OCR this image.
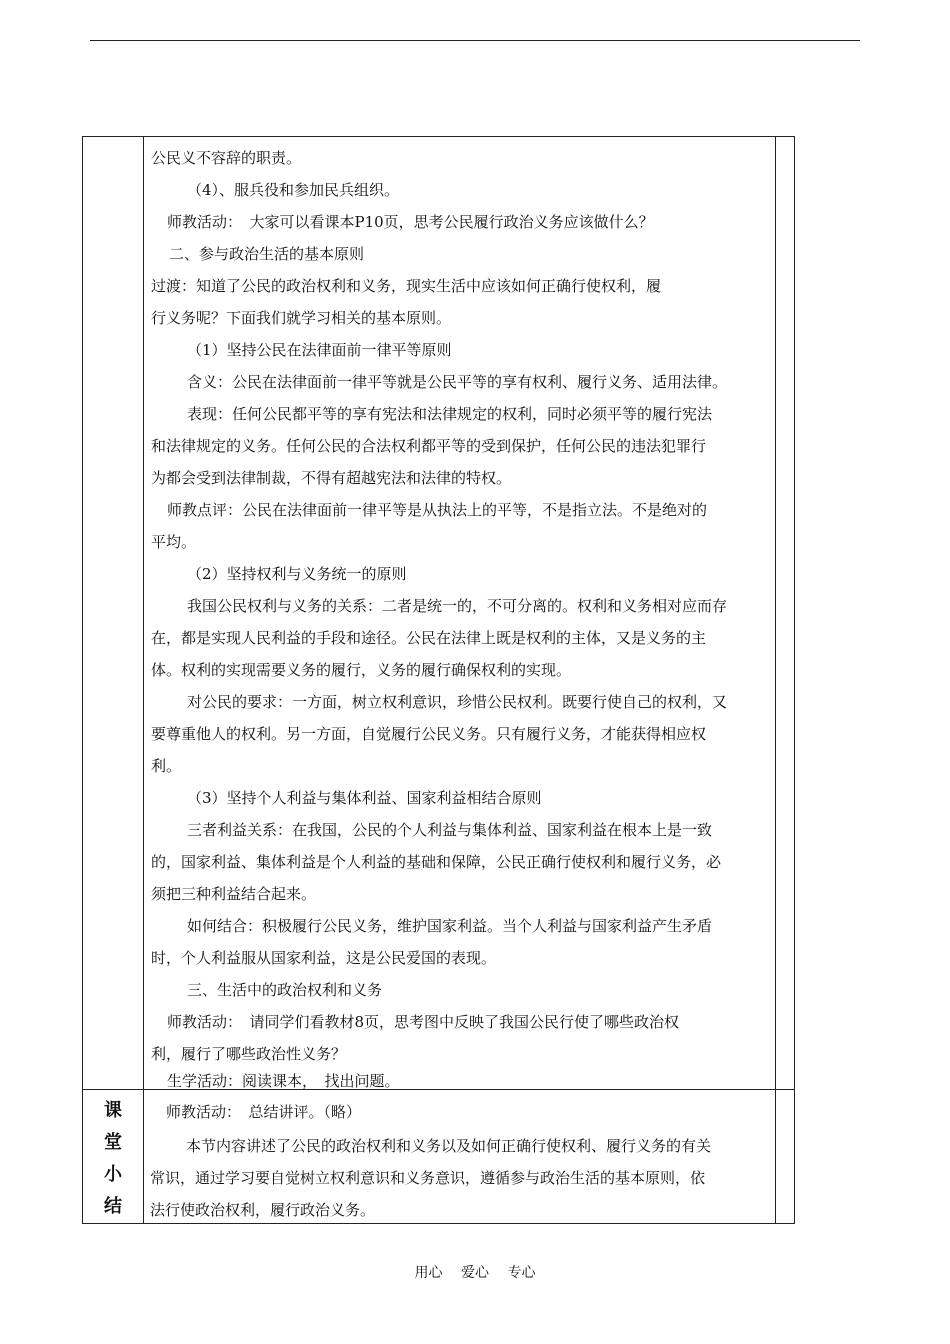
课
堂
小
结
公民义不容辞的职责。
（4）、服兵役和参加民兵组织。
师教活动：　大家可以看课本P10页，思考公民履行政治义务应该做什么？
二、参与政治生活的基本原则
过渡：知道了公民的政治权利和义务，现实生活中应该如何正确行使权利，履
行义务呢？下面我们就学习相关的基本原则。
（1）坚持公民在法律面前一律平等原则
含义：公民在法律面前一律平等就是公民平等的享有权利、履行义务、适用法律。
表现：任何公民都平等的享有宪法和法律规定的权利，同时必须平等的履行宪法
和法律规定的义务。任何公民的合法权利都平等的受到保护，任何公民的违法犯罪行
为都会受到法律制裁，不得有超越宪法和法律的特权。
师教点评：公民在法律面前一律平等是从执法上的平等，不是指立法。不是绝对的
平均。
（2）坚持权利与义务统一的原则
我国公民权利与义务的关系：二者是统一的，不可分离的。权利和义务相对应而存
在，都是实现人民利益的手段和途径。公民在法律上既是权利的主体，又是义务的主
体。权利的实现需要义务的履行，义务的履行确保权利的实现。
对公民的要求：一方面，树立权利意识，珍惜公民权利。既要行使自己的权利，又
要尊重他人的权利。另一方面，自觉履行公民义务。只有履行义务，才能获得相应权
利。
（3）坚持个人利益与集体利益、国家利益相结合原则
三者利益关系：在我国，公民的个人利益与集体利益、国家利益在根本上是一致
的，国家利益、集体利益是个人利益的基础和保障，公民正确行使权利和履行义务，必
须把三种利益结合起来。
如何结合：积极履行公民义务，维护国家利益。当个人利益与国家利益产生矛盾
时，个人利益服从国家利益，这是公民爱国的表现。
三、生活中的政治权利和义务
师教活动：　请同学们看教材8页，思考图中反映了我国公民行使了哪些政治权
利，履行了哪些政治性义务？
生学活动：阅读课本，　找出问题。
师教活动：　总结讲评。（略）
本节内容讲述了公民的政治权利和义务以及如何正确行使权利、履行义务的有关
常识，通过学习要自觉树立权利意识和义务意识，遵循参与政治生活的基本原则，依
法行使政治权利，履行政治义务。
用心 爱心 专心
